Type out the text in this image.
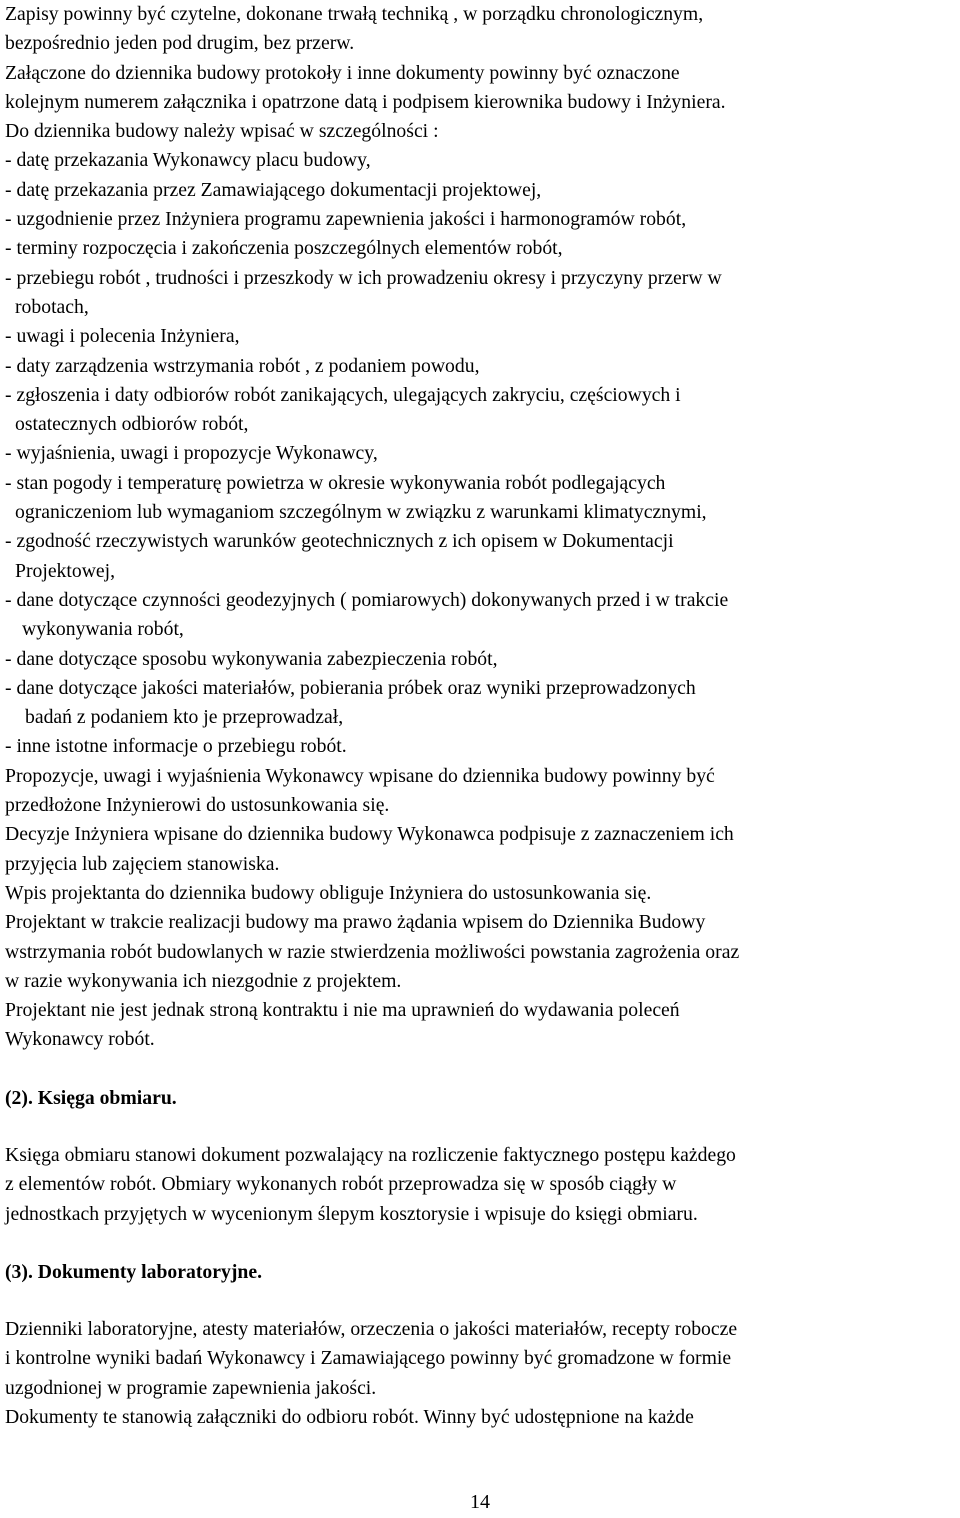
Zapisy powinny być czytelne, dokonane trwałą techniką , w porządku chronologicznym,
bezpośrednio jeden pod drugim, bez przerw.
Załączone do dziennika budowy protokoły i inne dokumenty powinny być oznaczone
kolejnym numerem załącznika i opatrzone datą i podpisem kierownika budowy i Inżyniera.
Do dziennika budowy należy wpisać w szczególności :
- datę przekazania Wykonawcy placu budowy,
- datę przekazania przez Zamawiającego dokumentacji projektowej,
- uzgodnienie przez Inżyniera programu zapewnienia jakości i harmonogramów robót,
- terminy rozpoczęcia i zakończenia poszczególnych elementów robót,
- przebiegu robót , trudności i przeszkody w ich prowadzeniu okresy i przyczyny przerw w
robotach,
- uwagi i polecenia Inżyniera,
- daty zarządzenia wstrzymania robót , z podaniem powodu,
- zgłoszenia i daty odbiorów robót zanikających, ulegających zakryciu, częściowych i
ostatecznych odbiorów robót,
- wyjaśnienia, uwagi i propozycje Wykonawcy,
- stan pogody i temperaturę powietrza w okresie wykonywania robót podlegających
ograniczeniom lub wymaganiom szczególnym w związku z warunkami klimatycznymi,
- zgodność rzeczywistych warunków geotechnicznych z ich opisem w Dokumentacji
Projektowej,
- dane dotyczące czynności geodezyjnych ( pomiarowych) dokonywanych przed i w trakcie
wykonywania robót,
- dane dotyczące sposobu wykonywania zabezpieczenia robót,
- dane dotyczące jakości materiałów, pobierania próbek oraz wyniki przeprowadzonych
badań z podaniem kto je przeprowadzał,
- inne istotne informacje o przebiegu robót.
Propozycje, uwagi i wyjaśnienia Wykonawcy wpisane do dziennika budowy powinny być
przedłożone Inżynierowi do ustosunkowania się.
Decyzje Inżyniera wpisane do dziennika budowy Wykonawca podpisuje z zaznaczeniem ich
przyjęcia lub zajęciem stanowiska.
Wpis projektanta do dziennika budowy obliguje Inżyniera do ustosunkowania się.
Projektant w trakcie realizacji budowy ma prawo żądania wpisem do Dziennika Budowy
wstrzymania robót budowlanych w razie stwierdzenia możliwości powstania zagrożenia oraz
w razie wykonywania ich niezgodnie z projektem.
Projektant nie jest jednak stroną kontraktu i nie ma uprawnień do wydawania poleceń
Wykonawcy robót.
(2). Księga obmiaru.
Księga obmiaru stanowi dokument pozwalający na rozliczenie faktycznego postępu każdego
z elementów robót. Obmiary wykonanych robót przeprowadza się w sposób ciągły w
jednostkach przyjętych w wycenionym ślepym kosztorysie i wpisuje do księgi obmiaru.
(3). Dokumenty laboratoryjne.
Dzienniki laboratoryjne, atesty materiałów, orzeczenia o jakości materiałów, recepty robocze
i kontrolne wyniki badań Wykonawcy i Zamawiającego powinny być gromadzone w formie
uzgodnionej w programie zapewnienia jakości.
Dokumenty te stanowią załączniki do odbioru robót. Winny być udostępnione na każde
14
